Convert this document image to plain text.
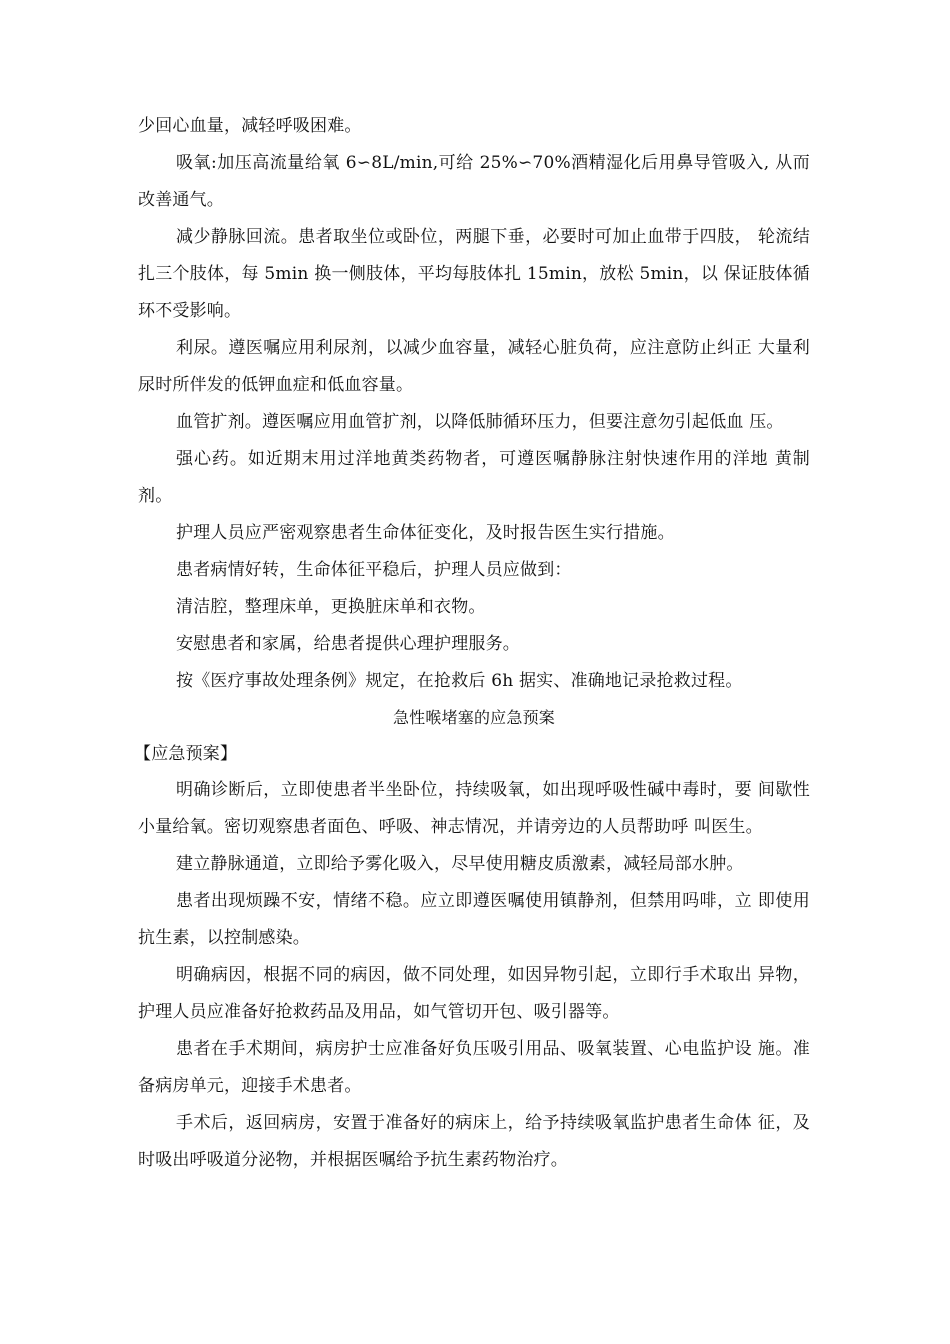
少回心血量，减轻呼吸困难。

吸氧:加压高流量给氧 6∽8L/min,可给 25%∽70%酒精湿化后用鼻导管吸入, 从而改善通气。

减少静脉回流。患者取坐位或卧位，两腿下垂，必要时可加止血带于四肢， 轮流结扎三个肢体，每 5min 换一侧肢体，平均每肢体扎 15min，放松 5min，以 保证肢体循环不受影响。

利尿。遵医嘱应用利尿剂，以减少血容量，减轻心脏负荷，应注意防止纠正 大量利尿时所伴发的低钾血症和低血容量。

血管扩剂。遵医嘱应用血管扩剂，以降低肺循环压力，但要注意勿引起低血 压。

强心药。如近期末用过洋地黄类药物者，可遵医嘱静脉注射快速作用的洋地 黄制剂。

护理人员应严密观察患者生命体征变化，及时报告医生实行措施。

患者病情好转，生命体征平稳后，护理人员应做到：

清洁腔，整理床单，更换脏床单和衣物。

安慰患者和家属，给患者提供心理护理服务。

按《医疗事故处理条例》规定，在抢救后 6h 据实、准确地记录抢救过程。

急性喉堵塞的应急预案

【应急预案】

明确诊断后，立即使患者半坐卧位，持续吸氧，如出现呼吸性碱中毒时，要 间歇性小量给氧。密切观察患者面色、呼吸、神志情况，并请旁边的人员帮助呼 叫医生。

建立静脉通道，立即给予雾化吸入，尽早使用糖皮质激素，减轻局部水肿。

患者出现烦躁不安，情绪不稳。应立即遵医嘱使用镇静剂，但禁用吗啡，立 即使用抗生素，以控制感染。

明确病因，根据不同的病因，做不同处理，如因异物引起，立即行手术取出 异物，护理人员应准备好抢救药品及用品，如气管切开包、吸引器等。

患者在手术期间，病房护士应准备好负压吸引用品、吸氧装置、心电监护设 施。准备病房单元，迎接手术患者。

手术后，返回病房，安置于准备好的病床上，给予持续吸氧监护患者生命体 征，及时吸出呼吸道分泌物，并根据医嘱给予抗生素药物治疗。
